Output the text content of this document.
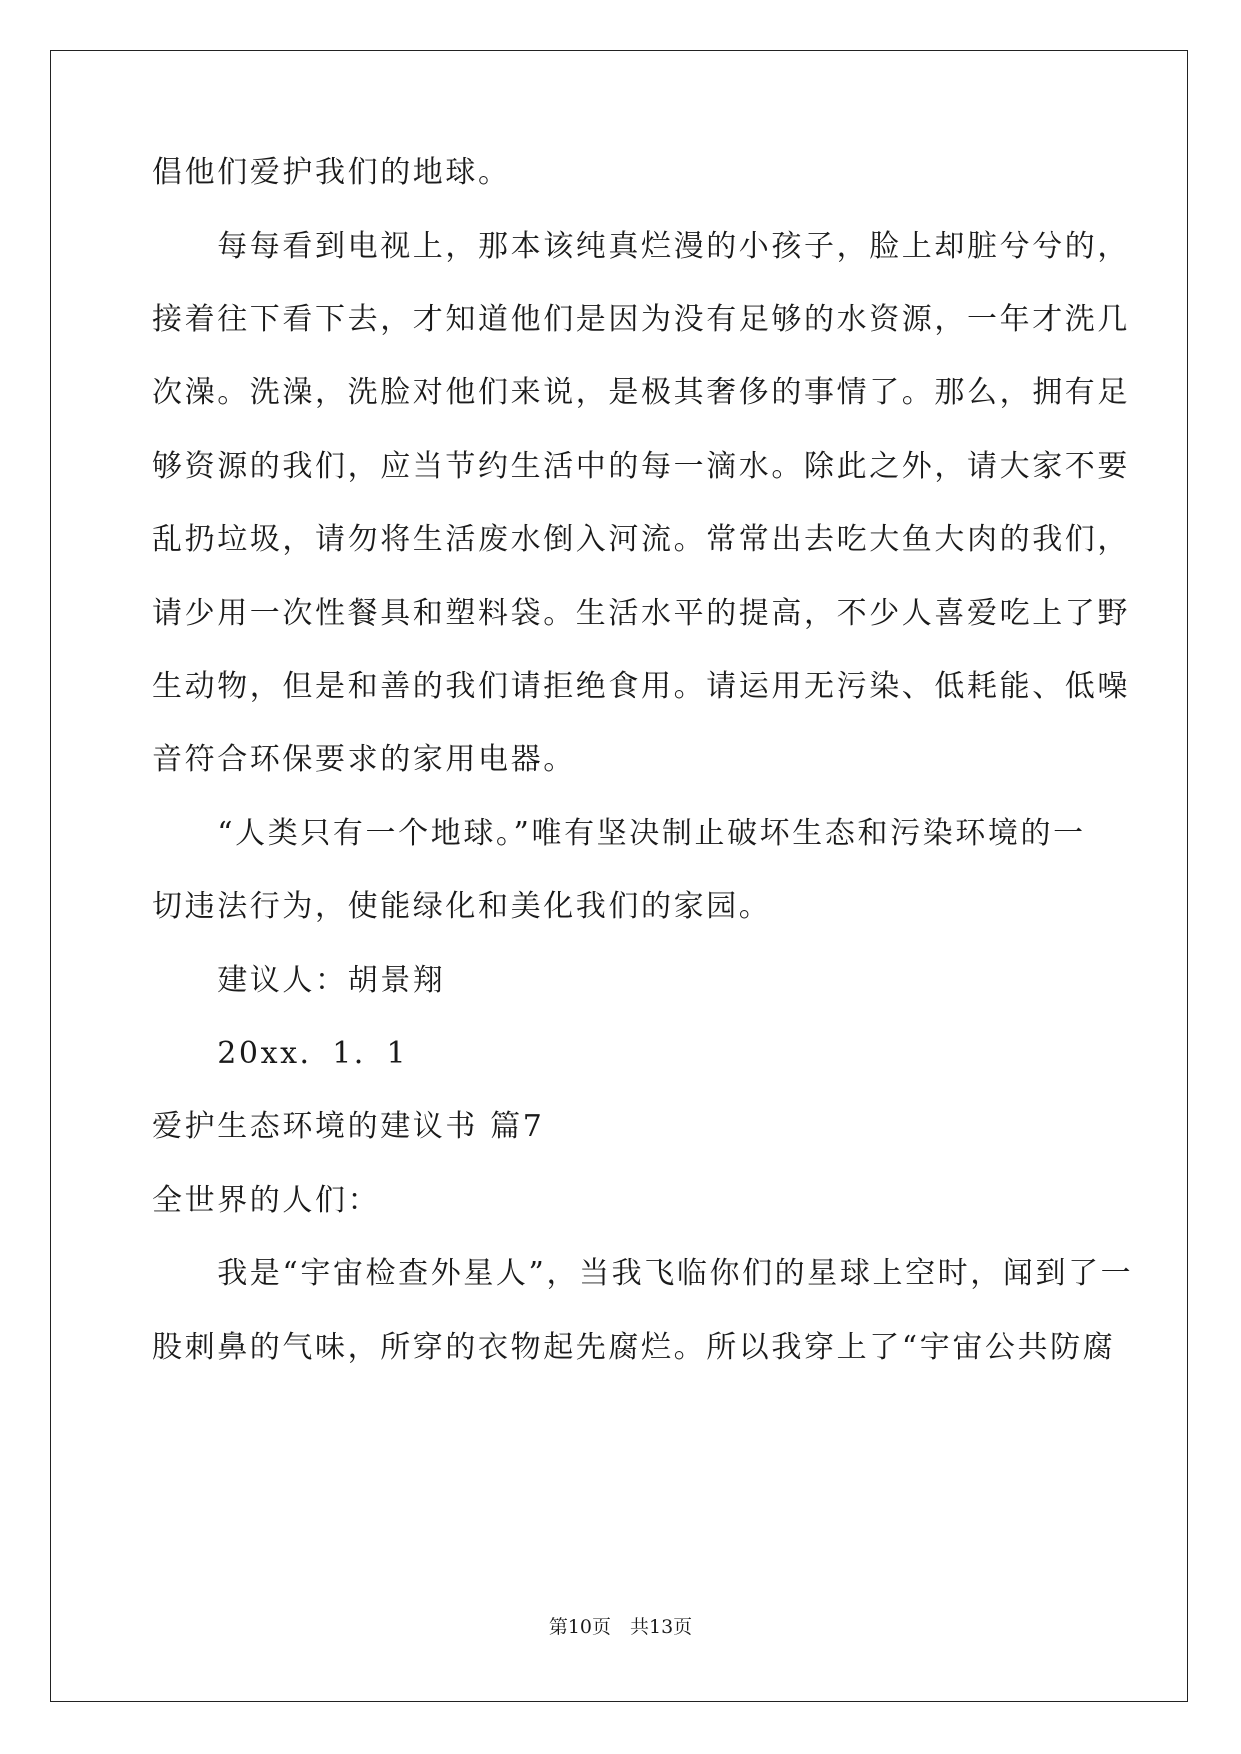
倡他们爱护我们的地球。
　　每每看到电视上，那本该纯真烂漫的小孩子，脸上却脏兮兮的，
接着往下看下去，才知道他们是因为没有足够的水资源，一年才洗几
次澡。洗澡，洗脸对他们来说，是极其奢侈的事情了。那么，拥有足
够资源的我们，应当节约生活中的每一滴水。除此之外，请大家不要
乱扔垃圾，请勿将生活废水倒入河流。常常出去吃大鱼大肉的我们，
请少用一次性餐具和塑料袋。生活水平的提高，不少人喜爱吃上了野
生动物，但是和善的我们请拒绝食用。请运用无污染、低耗能、低噪
音符合环保要求的家用电器。
　　“人类只有一个地球。”唯有坚决制止破坏生态和污染环境的一
切违法行为，使能绿化和美化我们的家园。
　　建议人：胡景翔
　　20xx．1．1
爱护生态环境的建议书 篇7
全世界的人们：
　　我是“宇宙检查外星人”，当我飞临你们的星球上空时，闻到了一
股刺鼻的气味，所穿的衣物起先腐烂。所以我穿上了“宇宙公共防腐
第10页　共13页
